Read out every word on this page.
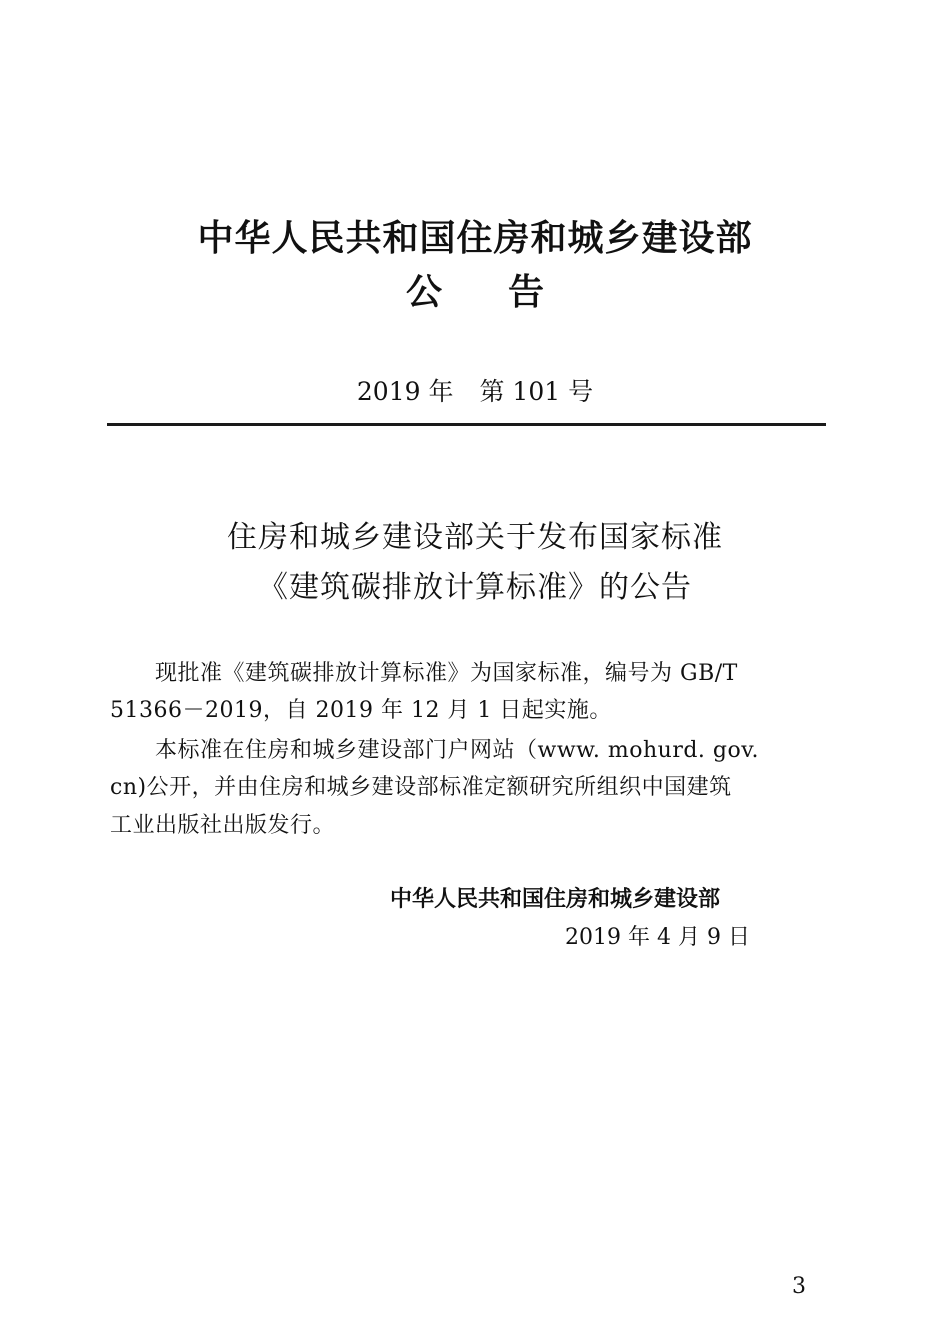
中华人民共和国住房和城乡建设部
公 告
2019 年 第 101 号
住房和城乡建设部关于发布国家标准
《建筑碳排放计算标准》的公告
　　现批准《建筑碳排放计算标准》为国家标准，编号为 GB/T
51366－2019，自 2019 年 12 月 1 日起实施。
　　本标准在住房和城乡建设部门户网站（www. mohurd. gov.
cn)公开，并由住房和城乡建设部标准定额研究所组织中国建筑
工业出版社出版发行。
中华人民共和国住房和城乡建设部
2019 年 4 月 9 日
3
